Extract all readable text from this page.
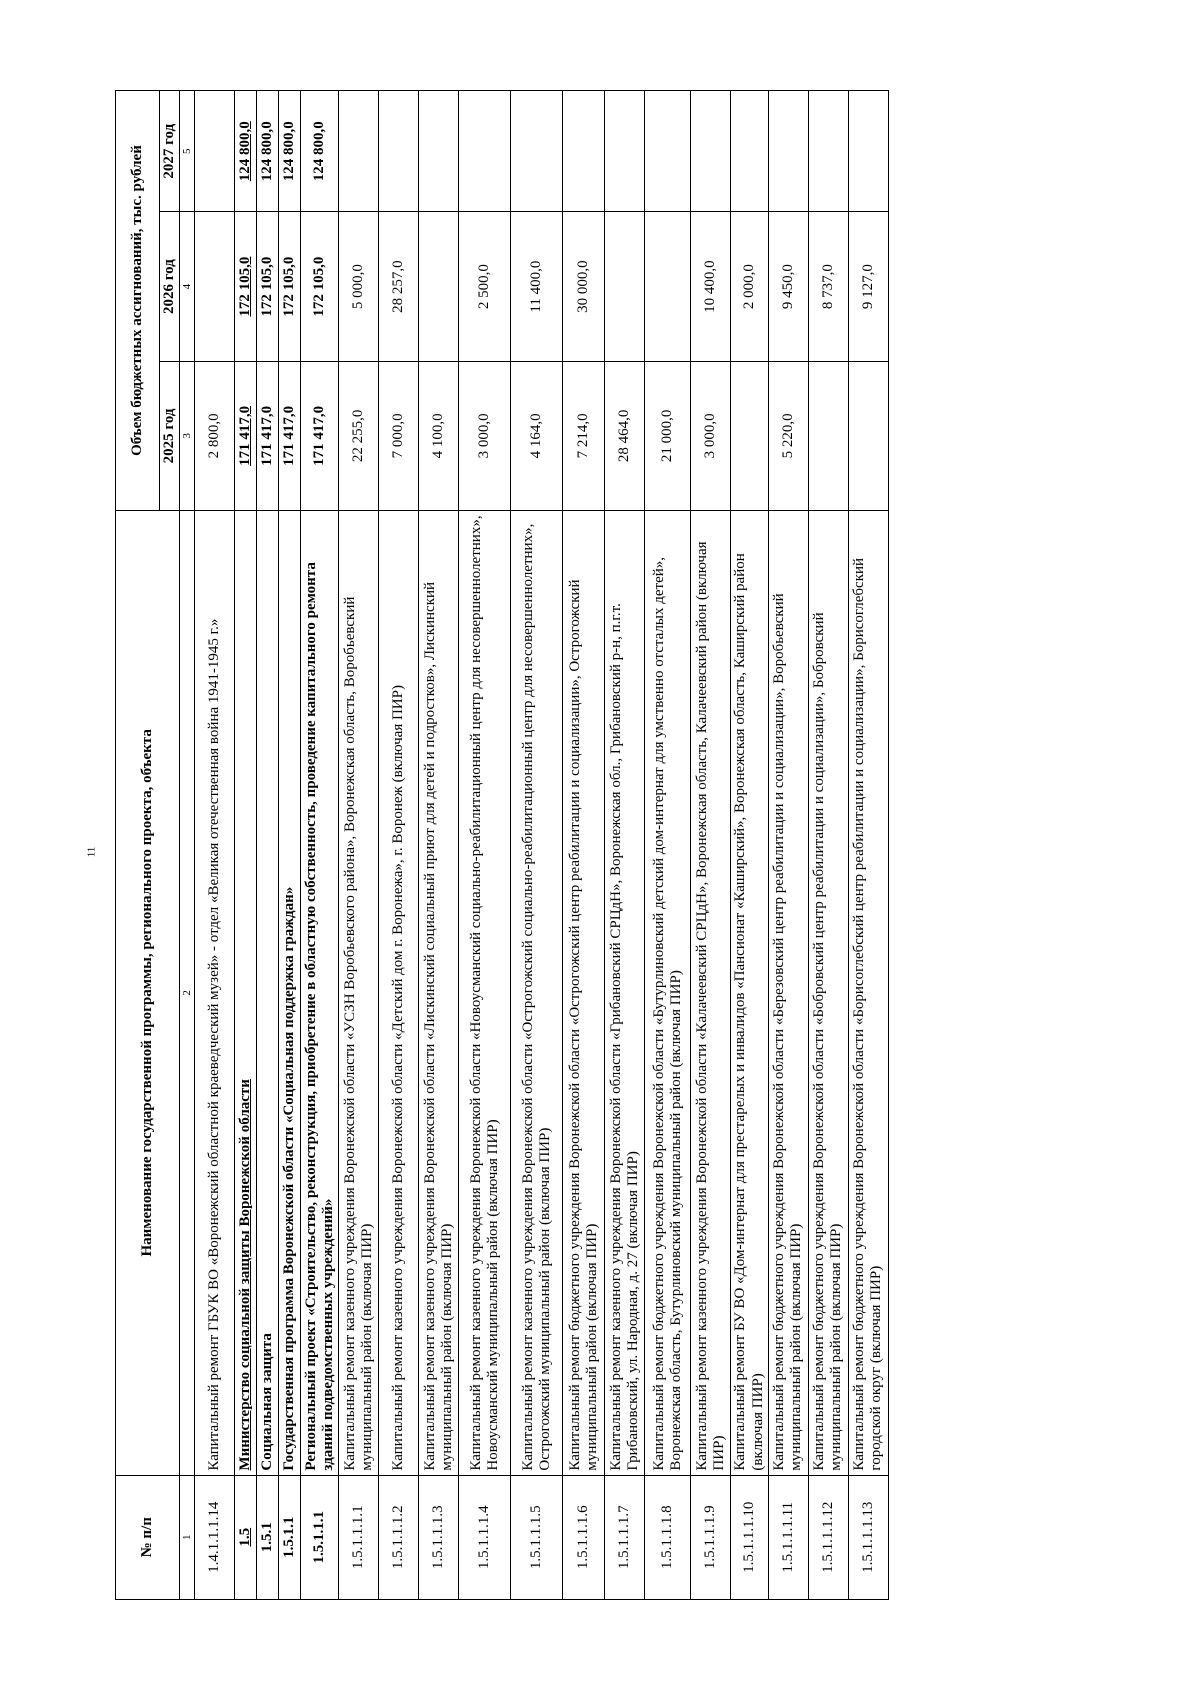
11
№ п/п	Наименование государственной программы, регионального проекта, объекта	Объем бюджетных ассигнований, тыс. рублей		
		2025 год	2026 год	2027 год
1	2	3	4	5
1.4.1.1.1.14	Капитальный ремонт ГБУК ВО «Воронежский областной краеведческий музей» - отдел «Великая отечественная война 1941-1945 г.»	2 800,0		
1.5	Министерство социальной защиты Воронежской области	171 417,0	172 105,0	124 800,0
1.5.1	Социальная защита	171 417,0	172 105,0	124 800,0
1.5.1.1	Государственная программа Воронежской области «Социальная поддержка граждан»	171 417,0	172 105,0	124 800,0
1.5.1.1.1	Региональный проект «Строительство, реконструкция, приобретение в областную собственность, проведение капитального ремонта зданий подведомственных учреждений»	171 417,0	172 105,0	124 800,0
1.5.1.1.1.1	Капитальный ремонт казенного учреждения Воронежской области «УСЗН Воробьевского района», Воронежская область, Воробьевский муниципальный район (включая ПИР)	22 255,0	5 000,0	
1.5.1.1.1.2	Капитальный ремонт казенного учреждения Воронежской области «Детский дом г. Воронежа», г. Воронеж (включая ПИР)	7 000,0	28 257,0	
1.5.1.1.1.3	Капитальный ремонт казенного учреждения Воронежской области «Лискинский социальный приют для детей и подростков», Лискинский муниципальный район (включая ПИР)	4 100,0		
1.5.1.1.1.4	Капитальный ремонт казенного учреждения Воронежской области «Новоусманский социально-реабилитационный центр для несовершеннолетних», Новоусманский муниципальный район (включая ПИР)	3 000,0	2 500,0	
1.5.1.1.1.5	Капитальный ремонт казенного учреждения Воронежской области «Острогожский социально-реабилитационный центр для несовершеннолетних», Острогожский муниципальный район (включая ПИР)	4 164,0	11 400,0	
1.5.1.1.1.6	Капитальный ремонт бюджетного учреждения Воронежской области «Острогожский центр реабилитации и социализации», Острогожский муниципальный район (включая ПИР)	7 214,0	30 000,0	
1.5.1.1.1.7	Капитальный ремонт казенного учреждения Воронежской области «Грибановский СРЦдН», Воронежская обл., Грибановский р-н, п.г.т. Грибановский, ул. Народная, д. 27 (включая ПИР)	28 464,0		
1.5.1.1.1.8	Капитальный ремонт бюджетного учреждения Воронежской области «Бутурлиновский детский дом-интернат для умственно отсталых детей», Воронежская область, Бутурлиновский муниципальный район (включая ПИР)	21 000,0		
1.5.1.1.1.9	Капитальный ремонт казенного учреждения Воронежской области «Калачеевский СРЦдН», Воронежская область, Калачеевский район (включая ПИР)	3 000,0	10 400,0	
1.5.1.1.1.10	Капитальный ремонт БУ ВО «Дом-интернат для престарелых и инвалидов «Пансионат «Каширский», Воронежская область, Каширский район (включая ПИР)		2 000,0	
1.5.1.1.1.11	Капитальный ремонт бюджетного учреждения Воронежской области «Березовский центр реабилитации и социализации», Воробьевский муниципальный район (включая ПИР)	5 220,0	9 450,0	
1.5.1.1.1.12	Капитальный ремонт бюджетного учреждения Воронежской области «Бобровский центр реабилитации и социализации», Бобровский муниципальный район (включая ПИР)		8 737,0	
1.5.1.1.1.13	Капитальный ремонт бюджетного учреждения Воронежской области «Борисоглебский центр реабилитации и социализации», Борисоглебский городской округ (включая ПИР)		9 127,0	
